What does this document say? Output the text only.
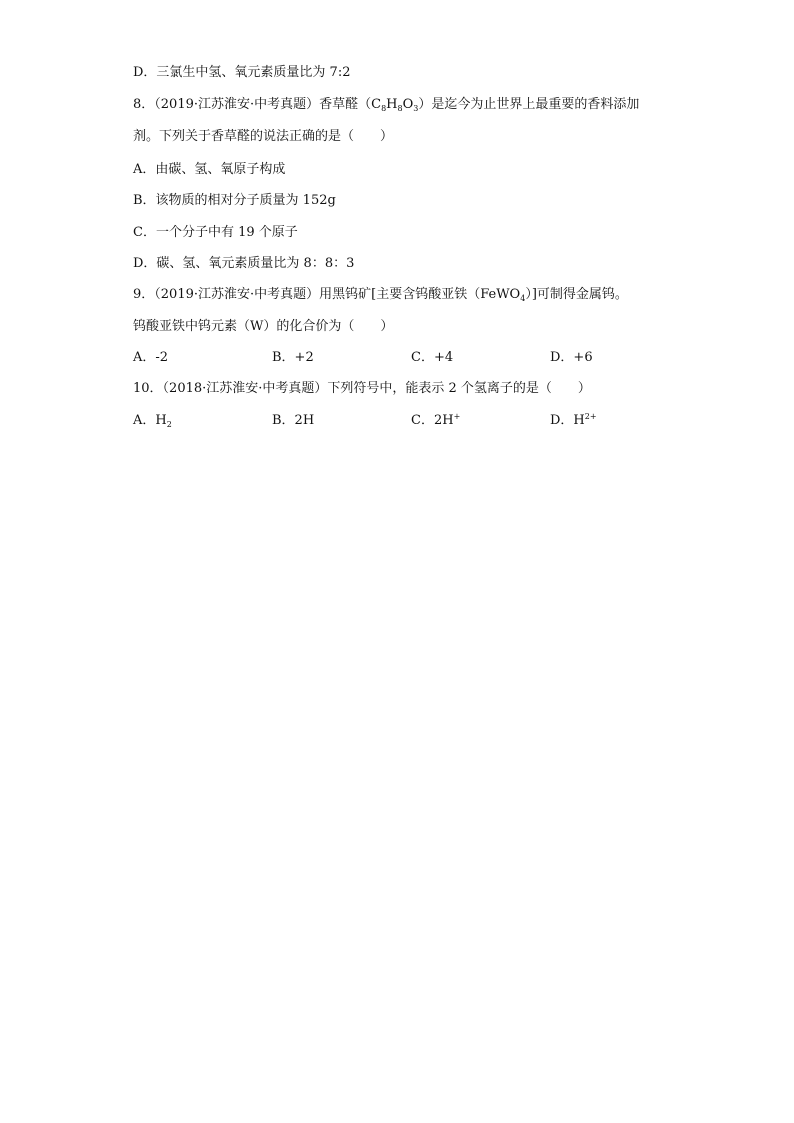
D．三氯生中氢、氧元素质量比为 7:2
8．（2019·江苏淮安·中考真题）香草醛$(C_8H_8O_3)$是迄今为止世界上最重要的香料添加
剂。下列关于香草醛的说法正确的是（　　）
A．由碳、氢、氧原子构成
B．该物质的相对分子质量为 152g
C．一个分子中有 19 个原子
D．碳、氢、氧元素质量比为 8：8：3
9．（2019·江苏淮安·中考真题）用黑钨矿[主要含钨酸亚铁（FeWO$_4$）]可制得金属钨。
钨酸亚铁中钨元素（W）的化合价为（　　）
A．-2	B．+2	C．+4	D．+6
10．（2018·江苏淮安·中考真题）下列符号中，能表示 2 个氢离子的是（　　）
A．$H_2$	B．2H	C．2H+	D．$H^{2+}$
